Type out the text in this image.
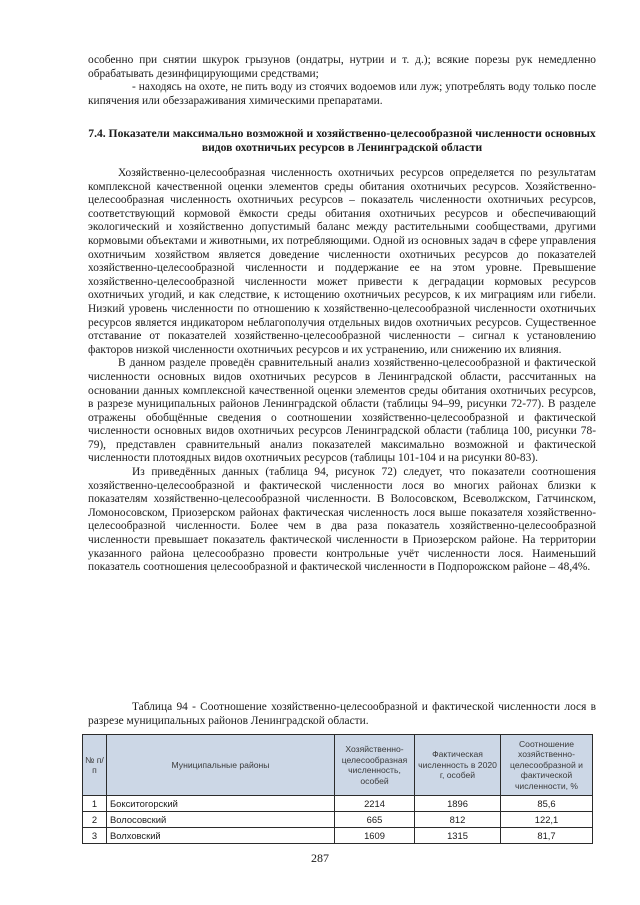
особенно при снятии шкурок грызунов (ондатры, нутрии и т. д.); всякие порезы рук немедленно обрабатывать дезинфицирующими средствами;

- находясь на охоте, не пить воду из стоячих водоемов или луж; употреблять воду только после кипячения или обеззараживания химическими препаратами.

7.4. Показатели максимально возможной и хозяйственно-целесообразной численности основных видов охотничьих ресурсов в Ленинградской области

Хозяйственно-целесообразная численность охотничьих ресурсов определяется по результатам комплексной качественной оценки элементов среды обитания охотничьих ресурсов. Хозяйственно-целесообразная численность охотничьих ресурсов – показатель численности охотничьих ресурсов, соответствующий кормовой ёмкости среды обитания охотничьих ресурсов и обеспечивающий экологический и хозяйственно допустимый баланс между растительными сообществами, другими кормовыми объектами и животными, их потребляющими. Одной из основных задач в сфере управления охотничьим хозяйством является доведение численности охотничьих ресурсов до показателей хозяйственно-целесообразной численности и поддержание ее на этом уровне. Превышение хозяйственно-целесообразной численности может привести к деградации кормовых ресурсов охотничьих угодий, и как следствие, к истощению охотничьих ресурсов, к их миграциям или гибели. Низкий уровень численности по отношению к хозяйственно-целесообразной численности охотничьих ресурсов является индикатором неблагополучия отдельных видов охотничьих ресурсов. Существенное отставание от показателей хозяйственно-целесообразной численности – сигнал к установлению факторов низкой численности охотничьих ресурсов и их устранению, или снижению их влияния.

В данном разделе проведён сравнительный анализ хозяйственно-целесообразной и фактической численности основных видов охотничьих ресурсов в Ленинградской области, рассчитанных на основании данных комплексной качественной оценки элементов среды обитания охотничьих ресурсов, в разрезе муниципальных районов Ленинградской области (таблицы 94–99, рисунки 72-77). В разделе отражены обобщённые сведения о соотношении хозяйственно-целесообразной и фактической численности основных видов охотничьих ресурсов Ленинградской области (таблица 100, рисунки 78-79), представлен сравнительный анализ показателей максимально возможной и фактической численности плотоядных видов охотничьих ресурсов (таблицы 101-104 и на рисунки 80-83).

Из приведённых данных (таблица 94, рисунок 72) следует, что показатели соотношения хозяйственно-целесообразной и фактической численности лося во многих районах близки к показателям хозяйственно-целесообразной численности. В Волосовском, Всеволжском, Гатчинском, Ломоносовском, Приозерском районах фактическая численность лося выше показателя хозяйственно-целесообразной численности. Более чем в два раза показатель хозяйственно-целесообразной численности превышает показатель фактической численности в Приозерском районе. На территории указанного района целесообразно провести контрольные учёт численности лося. Наименьший показатель соотношения целесообразной и фактической численности в Подпорожском районе – 48,4%.

Таблица 94 - Соотношение хозяйственно-целесообразной и фактической численности лося в разрезе муниципальных районов Ленинградской области.
№ п/п	Муниципальные районы	Хозяйственно-целесообразная численность, особей	Фактическая численность в 2020 г, особей	Соотношение хозяйственно-целесообразной и фактической численности, %
1	Бокситогорский	2214	1896	85,6
2	Волосовский	665	812	122,1
3	Волховский	1609	1315	81,7
287
